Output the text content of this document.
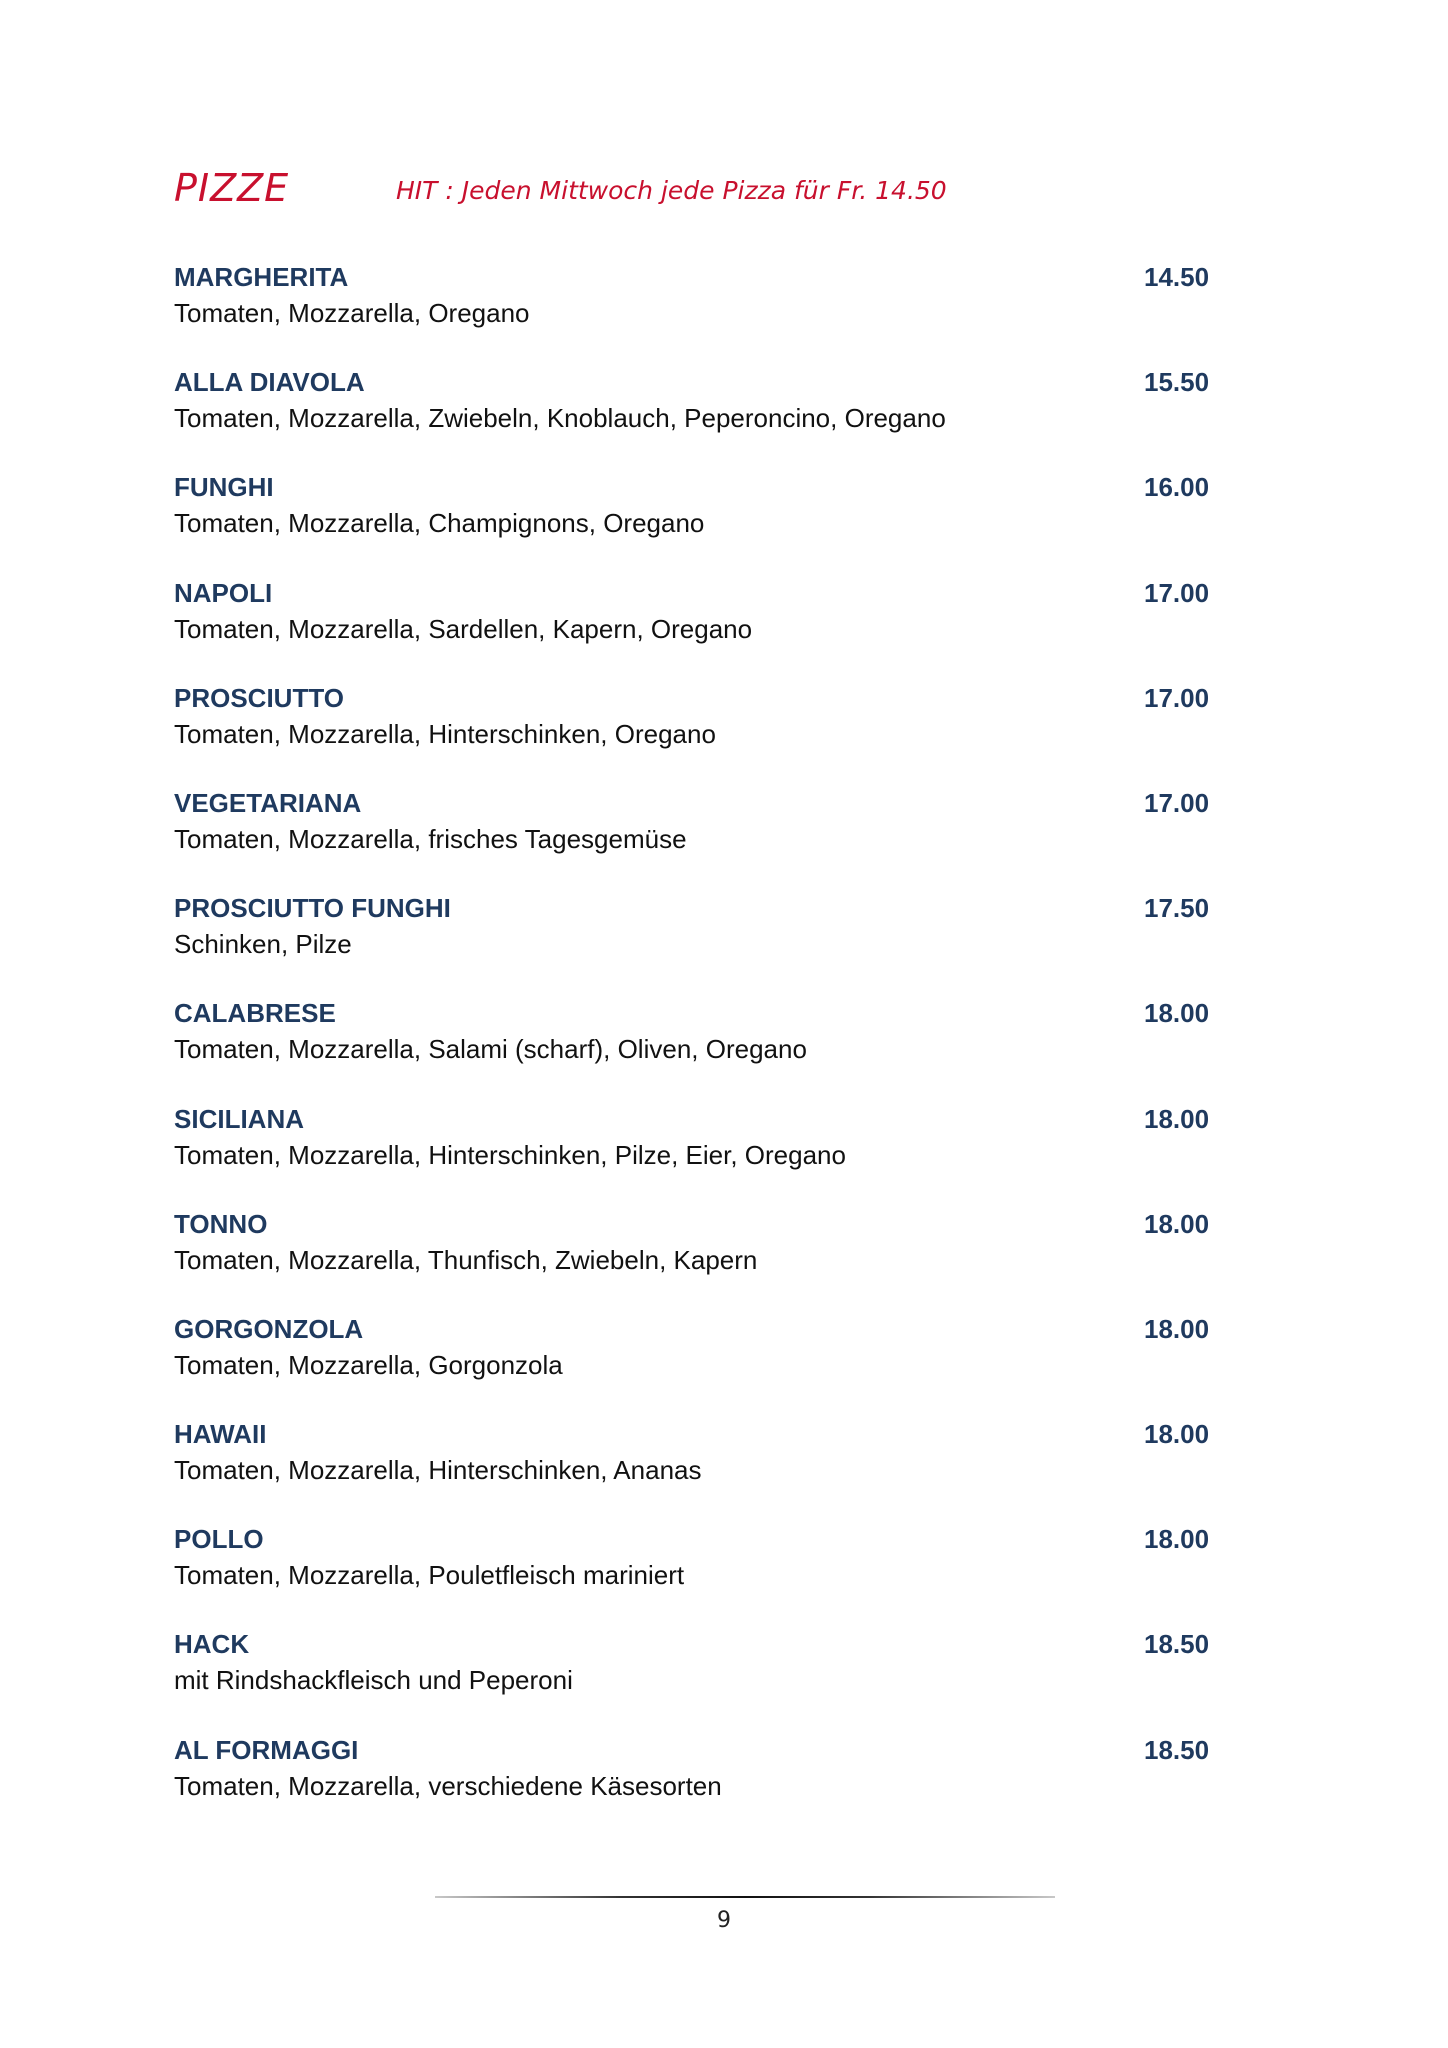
PIZZE	HIT : Jeden Mittwoch jede Pizza für Fr. 14.50
MARGHERITA	14.50
Tomaten, Mozzarella, Oregano
ALLA DIAVOLA	15.50
Tomaten, Mozzarella, Zwiebeln, Knoblauch, Peperoncino, Oregano
FUNGHI	16.00
Tomaten, Mozzarella, Champignons, Oregano
NAPOLI	17.00
Tomaten, Mozzarella, Sardellen, Kapern, Oregano
PROSCIUTTO	17.00
Tomaten, Mozzarella, Hinterschinken, Oregano
VEGETARIANA	17.00
Tomaten, Mozzarella, frisches Tagesgemüse
PROSCIUTTO FUNGHI	17.50
Schinken, Pilze
CALABRESE	18.00
Tomaten, Mozzarella, Salami (scharf), Oliven, Oregano
SICILIANA	18.00
Tomaten, Mozzarella, Hinterschinken, Pilze, Eier, Oregano
TONNO	18.00
Tomaten, Mozzarella, Thunfisch, Zwiebeln, Kapern
GORGONZOLA	18.00
Tomaten, Mozzarella, Gorgonzola
HAWAII	18.00
Tomaten, Mozzarella, Hinterschinken, Ananas
POLLO	18.00
Tomaten, Mozzarella, Pouletfleisch mariniert
HACK	18.50
mit Rindshackfleisch und Peperoni
AL FORMAGGI	18.50
Tomaten, Mozzarella, verschiedene Käsesorten
9
